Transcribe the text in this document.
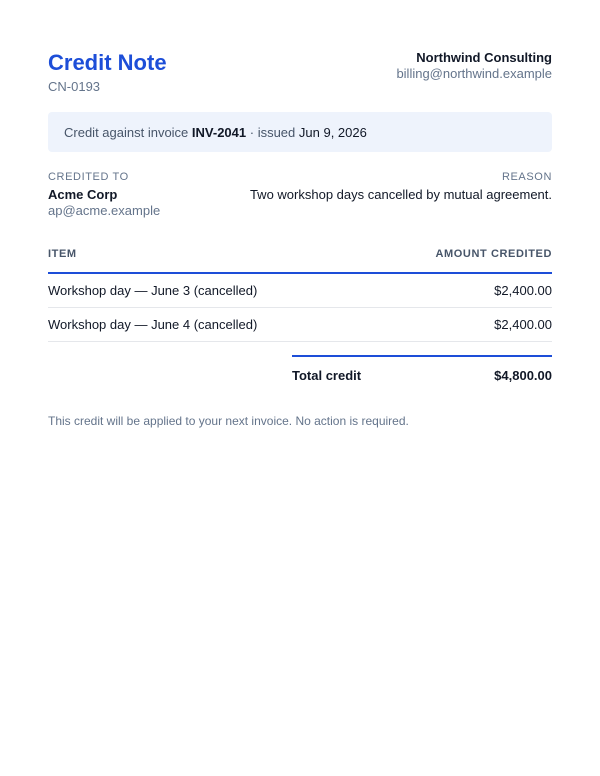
Credit Note
CN-0193
Northwind Consulting
billing@northwind.example
Credit against invoice
INV-2041
· issued
Jun 9, 2026
CREDITED TO
Acme Corp
ap@acme.example
REASON
Two workshop days cancelled by mutual agreement.
ITEM	AMOUNT CREDITED
Workshop day — June 3 (cancelled)	$2,400.00
Workshop day — June 4 (cancelled)	$2,400.00
Total credit	$4,800.00
This credit will be applied to your next invoice. No action is required.
